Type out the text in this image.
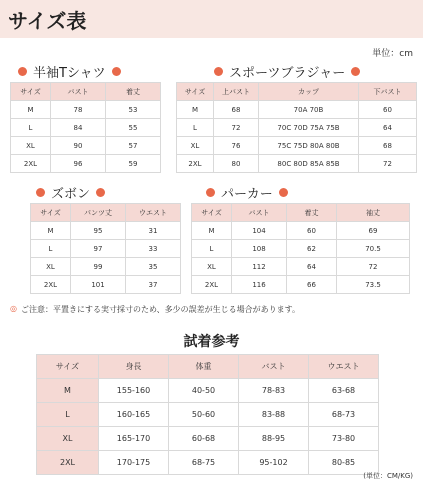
サイズ表
単位：cm
半袖Tシャツ
サイズ	バスト	着丈
M	78	53
L	84	55
XL	90	57
2XL	96	59
スポーツブラジャー
サイズ	上バスト	カップ	下バスト
M	68	70A 70B	60
L	72	70C 70D 75A 75B	64
XL	76	75C 75D 80A 80B	68
2XL	80	80C 80D 85A 85B	72
ズボン
サイズ	パンツ丈	ウエスト
M	95	31
L	97	33
XL	99	35
2XL	101	37
パーカー
サイズ	バスト	着丈	袖丈
M	104	60	69
L	108	62	70.5
XL	112	64	72
2XL	116	66	73.5
◎ ご注意：平置きにする実寸採寸のため、多少の誤差が生じる場合があります。
試着参考
サイズ	身長	体重	バスト	ウエスト
M	155-160	40-50	78-83	63-68
L	160-165	50-60	83-88	68-73
XL	165-170	60-68	88-95	73-80
2XL	170-175	68-75	95-102	80-85
(単位：CM/KG)
